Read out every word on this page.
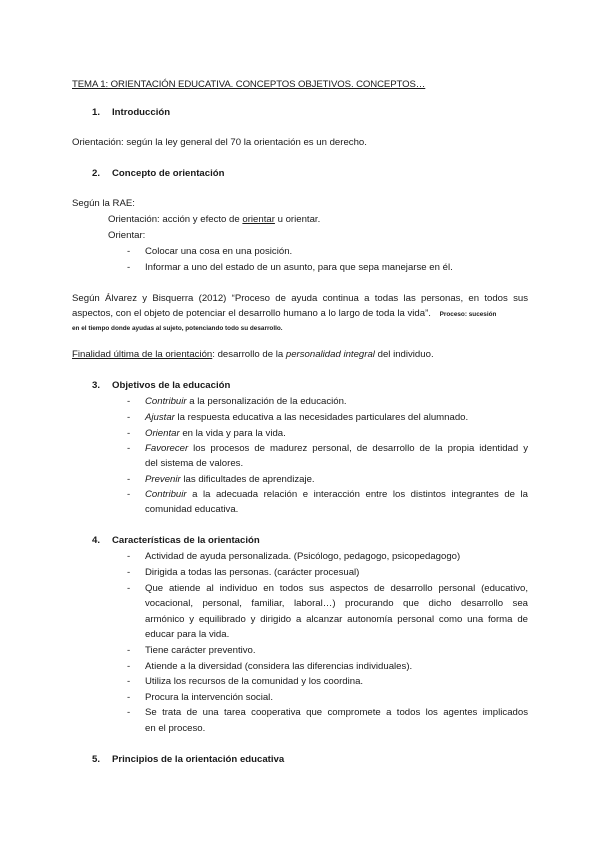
TEMA 1: ORIENTACIÓN EDUCATIVA. CONCEPTOS OBJETIVOS. CONCEPTOS…
1. Introducción
Orientación: según la ley general del 70 la orientación es un derecho.
2. Concepto de orientación
Según la RAE:
Orientación: acción y efecto de orientar u orientar.
Orientar:
- Colocar una cosa en una posición.
- Informar a uno del estado de un asunto, para que sepa manejarse en él.
Según Álvarez y Bisquerra (2012) “Proceso de ayuda continua a todas las personas, en todos sus
aspectos, con el objeto de potenciar el desarrollo humano a lo largo de toda la vida”. Proceso: sucesión
en el tiempo donde ayudas al sujeto, potenciando todo su desarrollo.
Finalidad última de la orientación: desarrollo de la personalidad integral del individuo.
3. Objetivos de la educación
- Contribuir a la personalización de la educación.
- Ajustar la respuesta educativa a las necesidades particulares del alumnado.
- Orientar en la vida y para la vida.
- Favorecer los procesos de madurez personal, de desarrollo de la propia identidad y
del sistema de valores.
- Prevenir las dificultades de aprendizaje.
- Contribuir a la adecuada relación e interacción entre los distintos integrantes de la
comunidad educativa.
4. Características de la orientación
- Actividad de ayuda personalizada. (Psicólogo, pedagogo, psicopedagogo)
- Dirigida a todas las personas. (carácter procesual)
- Que atiende al individuo en todos sus aspectos de desarrollo personal (educativo,
vocacional, personal, familiar, laboral…) procurando que dicho desarrollo sea
armónico y equilibrado y dirigido a alcanzar autonomía personal como una forma de
educar para la vida.
- Tiene carácter preventivo.
- Atiende a la diversidad (considera las diferencias individuales).
- Utiliza los recursos de la comunidad y los coordina.
- Procura la intervención social.
- Se trata de una tarea cooperativa que compromete a todos los agentes implicados
en el proceso.
5. Principios de la orientación educativa
